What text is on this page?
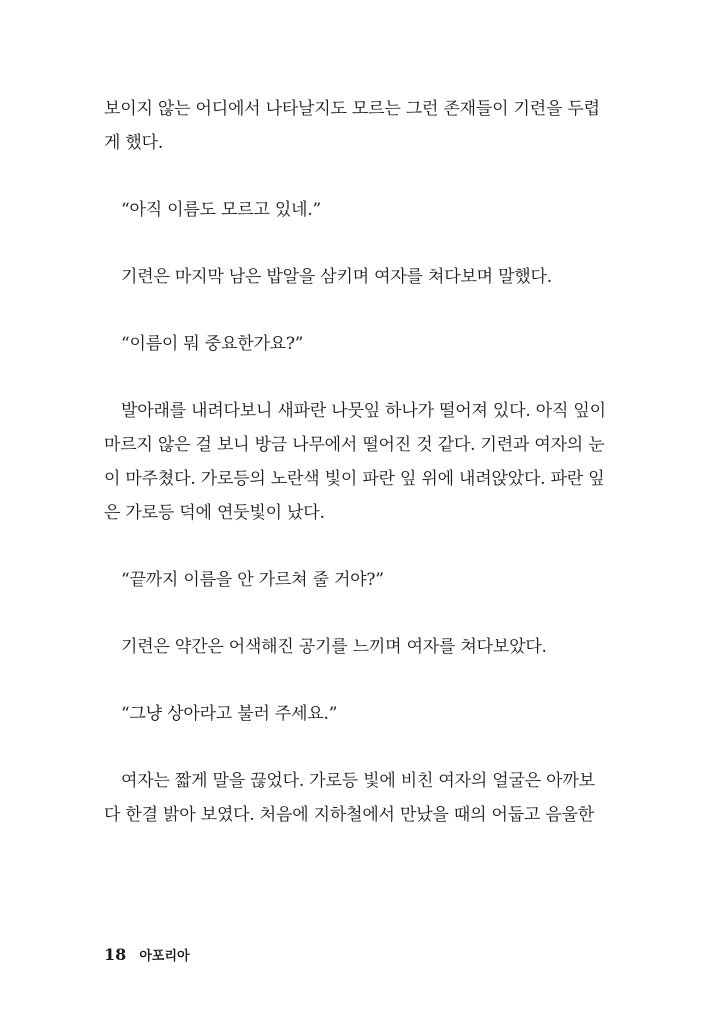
보이지 않는 어디에서 나타날지도 모르는 그런 존재들이 기련을 두렵
게 했다.

“아직 이름도 모르고 있네.”

기련은 마지막 남은 밥알을 삼키며 여자를 쳐다보며 말했다.

“이름이 뭐 중요한가요?”

발아래를 내려다보니 새파란 나뭇잎 하나가 떨어져 있다. 아직 잎이
마르지 않은 걸 보니 방금 나무에서 떨어진 것 같다. 기련과 여자의 눈
이 마주쳤다. 가로등의 노란색 빛이 파란 잎 위에 내려앉았다. 파란 잎
은 가로등 덕에 연둣빛이 났다.

“끝까지 이름을 안 가르쳐 줄 거야?”

기련은 약간은 어색해진 공기를 느끼며 여자를 쳐다보았다.

“그냥 상아라고 불러 주세요.”

여자는 짧게 말을 끊었다. 가로등 빛에 비친 여자의 얼굴은 아까보
다 한결 밝아 보였다. 처음에 지하철에서 만났을 때의 어둡고 음울한

18 아포리아
